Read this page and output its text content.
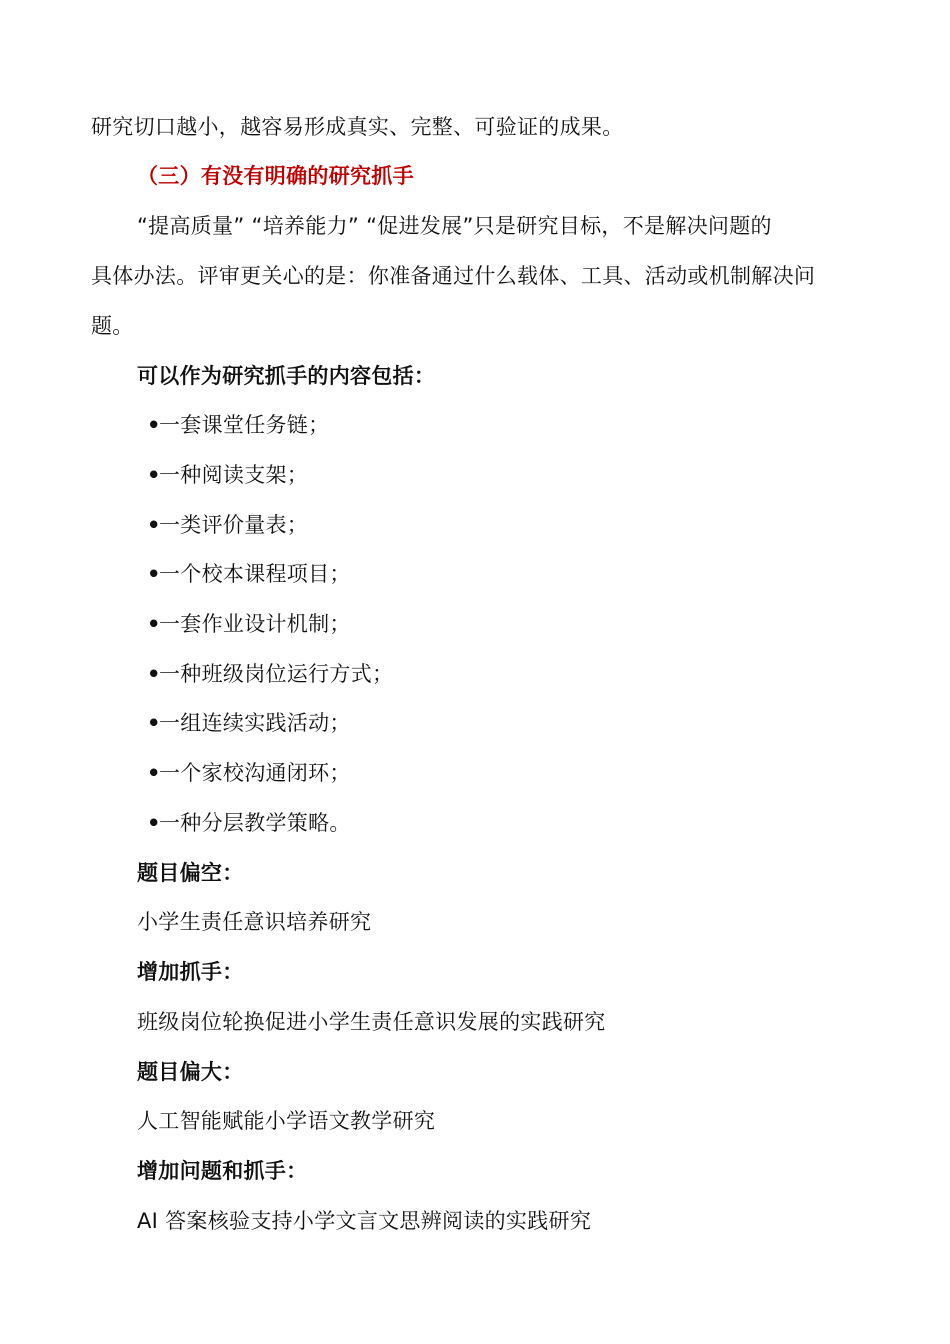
研究切口越小，越容易形成真实、完整、可验证的成果。
（三）有没有明确的研究抓手
“提高质量” “培养能力” “促进发展”只是研究目标，不是解决问题的
具体办法。评审更关心的是：你准备通过什么载体、工具、活动或机制解决问
题。
可以作为研究抓手的内容包括：
•一套课堂任务链；
•一种阅读支架；
•一类评价量表；
•一个校本课程项目；
•一套作业设计机制；
•一种班级岗位运行方式；
•一组连续实践活动；
•一个家校沟通闭环；
•一种分层教学策略。
题目偏空：
小学生责任意识培养研究
增加抓手：
班级岗位轮换促进小学生责任意识发展的实践研究
题目偏大：
人工智能赋能小学语文教学研究
增加问题和抓手：
AI 答案核验支持小学文言文思辨阅读的实践研究
